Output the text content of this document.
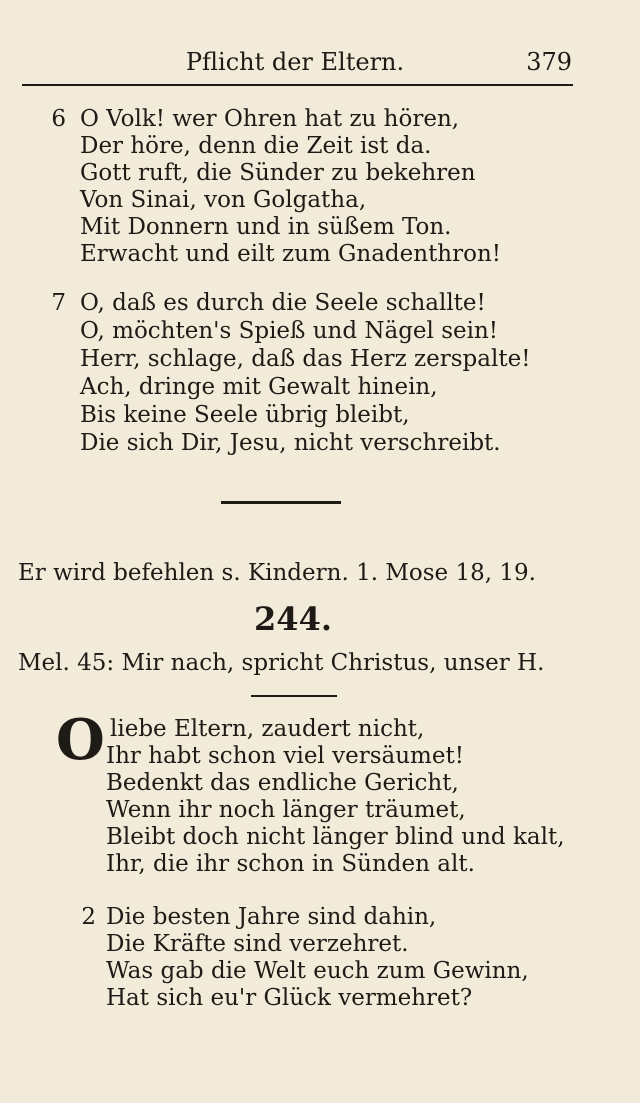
Pflicht der Eltern.	379
6 O Volk! wer Ohren hat zu hören,
Der höre, denn die Zeit ist da.
Gott ruft, die Sünder zu bekehren
Von Sinai, von Golgatha,
Mit Donnern und in süßem Ton.
Erwacht und eilt zum Gnadenthron!
7 O, daß es durch die Seele schallte!
O, möchten's Spieß und Nägel sein!
Herr, schlage, daß das Herz zerspalte!
Ach, dringe mit Gewalt hinein,
Bis keine Seele übrig bleibt,
Die sich Dir, Jesu, nicht verschreibt.
Er wird befehlen s. Kindern. 1. Mose 18, 19.
244.
Mel. 45: Mir nach, spricht Christus, unser H.
O liebe Eltern, zaudert nicht,
Ihr habt schon viel versäumet!
Bedenkt das endliche Gericht,
Wenn ihr noch länger träumet,
Bleibt doch nicht länger blind und kalt,
Ihr, die ihr schon in Sünden alt.
2 Die besten Jahre sind dahin,
Die Kräfte sind verzehret.
Was gab die Welt euch zum Gewinn,
Hat sich eu'r Glück vermehret?
